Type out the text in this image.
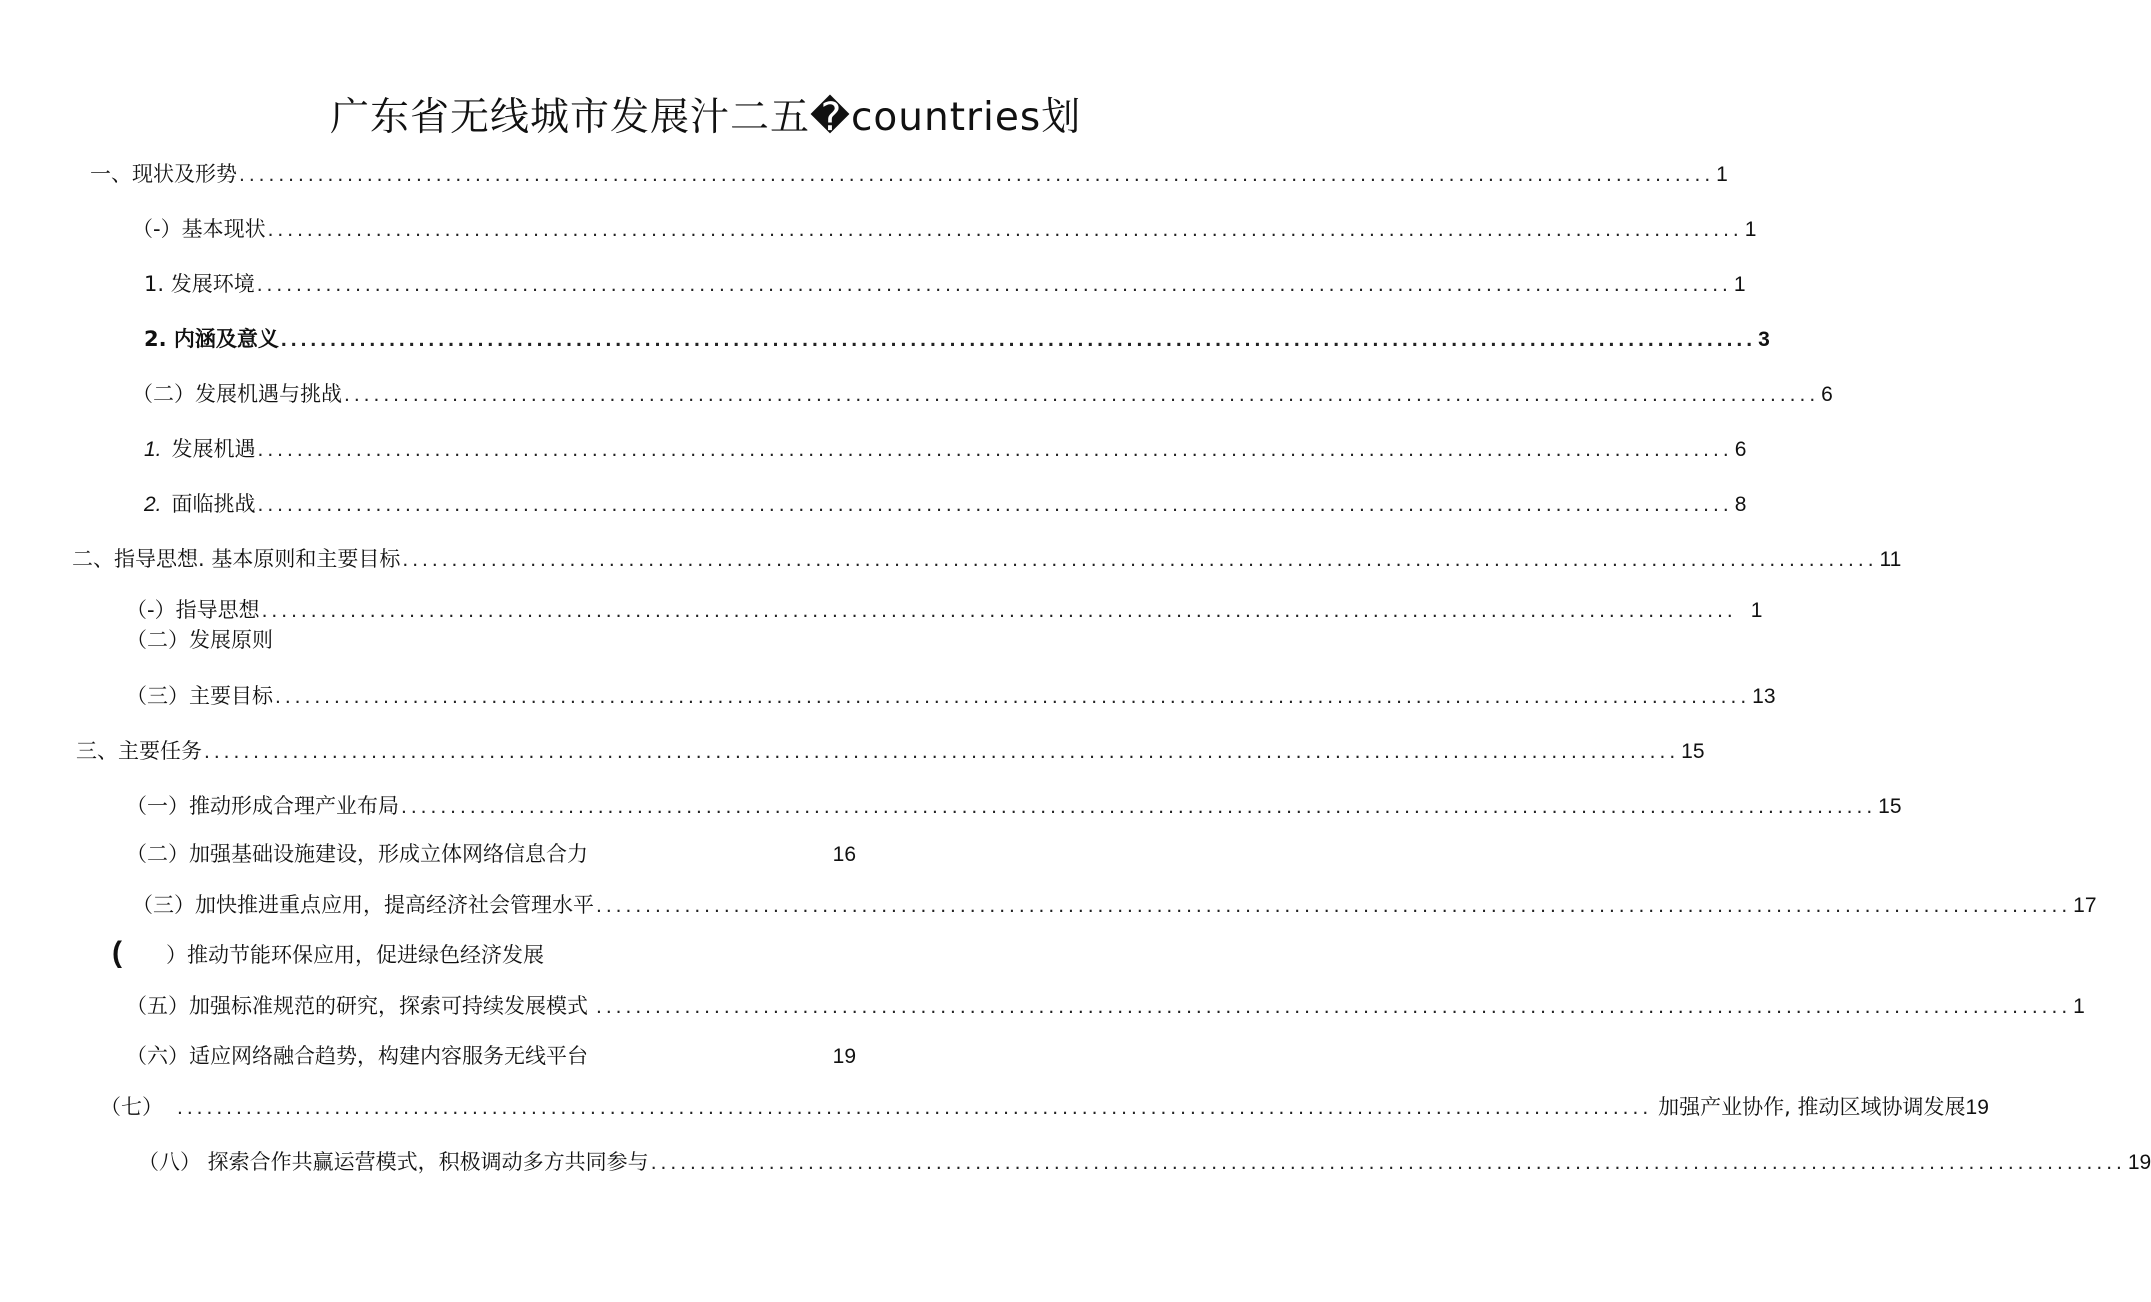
广东省无线城市发展汁二五�countries划
一、现状及形势 ...................................................................................................................................................... 1
（-）基本现状 ...................................................................................................................................................... 1
1. 发展环境 ...................................................................................................................................................... 1
2. 内涵及意义 ...................................................................................................................................................... 3
（二）发展机遇与挑战 ...................................................................................................................................................... 6
1. 发展机遇 ...................................................................................................................................................... 6
2. 面临挑战 ...................................................................................................................................................... 8
二、指导思想. 基本原则和主要目标 ...................................................................................................................................................... 11
（-）指导思想 ...................................................................................................................................................... 1
（二）发展原则
（三）主要目标 ...................................................................................................................................................... 13
三、主要任务 ...................................................................................................................................................... 15
（一）推动形成合理产业布局 ...................................................................................................................................................... 15
（二）加强基础设施建设，形成立体网络信息合力	16
（三）加快推进重点应用，提高经济社会管理水平 ...................................................................................................................................................... 17
( ）推动节能环保应用，促进绿色经济发展
（五）加强标准规范的研究，探索可持续发展模式 ...................................................................................................................................................... 1
（六）适应网络融合趋势，构建内容服务无线平台	19
（七） ...................................................................................................................................................... 加强产业协作, 推动区域协调发展 19
（八） 探索合作共赢运营模式，积极调动多方共同参与 ...................................................................................................................................................... 19
